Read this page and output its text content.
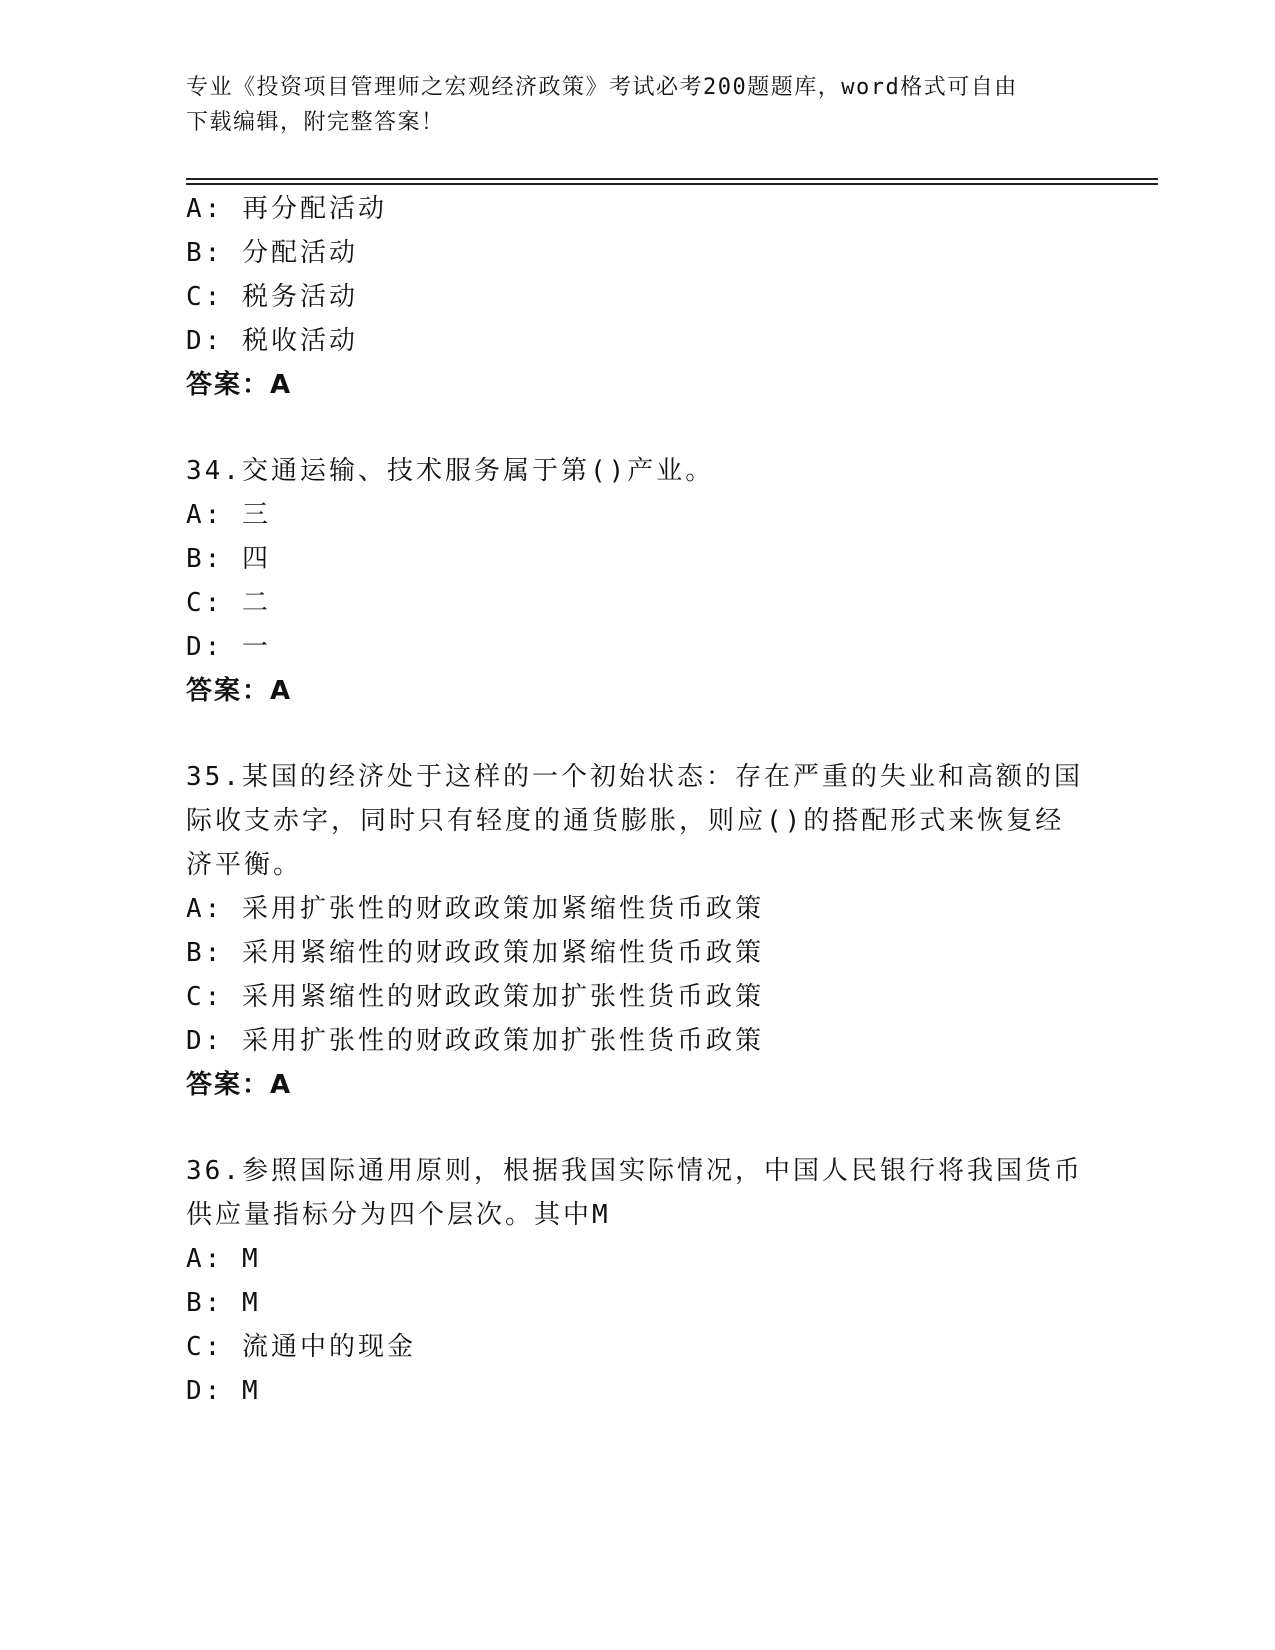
专业《投资项目管理师之宏观经济政策》考试必考200题题库，word格式可自由
下载编辑，附完整答案！
A: 再分配活动
B: 分配活动
C: 税务活动
D: 税收活动
答案：A
34.交通运输、技术服务属于第()产业。
A: 三
B: 四
C: 二
D: 一
答案：A
35.某国的经济处于这样的一个初始状态：存在严重的失业和高额的国
际收支赤字，同时只有轻度的通货膨胀，则应()的搭配形式来恢复经
济平衡。
A: 采用扩张性的财政政策加紧缩性货币政策
B: 采用紧缩性的财政政策加紧缩性货币政策
C: 采用紧缩性的财政政策加扩张性货币政策
D: 采用扩张性的财政政策加扩张性货币政策
答案：A
36.参照国际通用原则，根据我国实际情况，中国人民银行将我国货币
供应量指标分为四个层次。其中M
A: M
B: M
C: 流通中的现金
D: M
